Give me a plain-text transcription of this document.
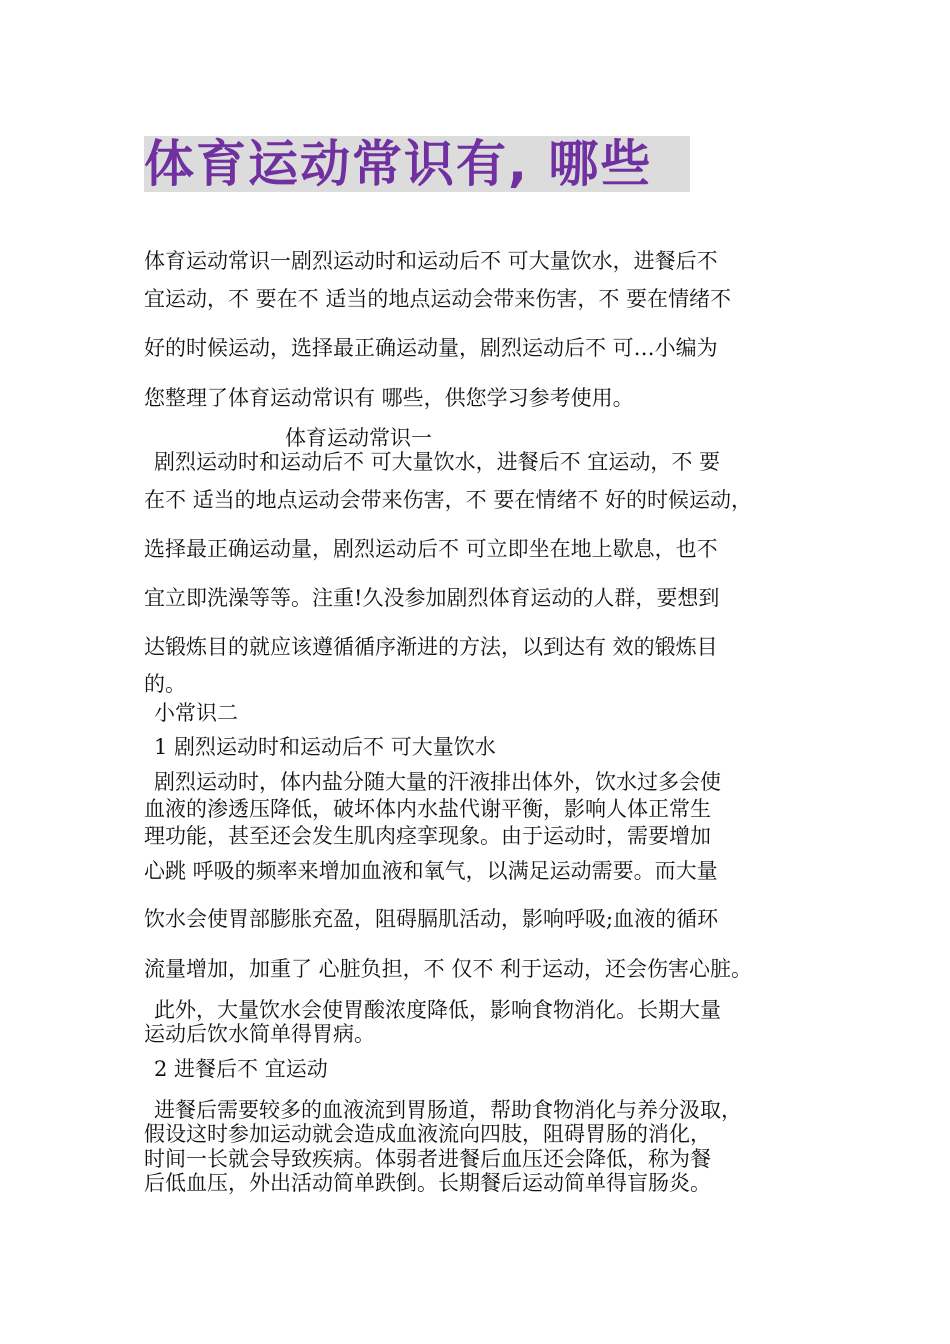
体育运动常识有, 哪些
体育运动常识一剧烈运动时和运动后不 可大量饮水，进餐后不
宜运动，不 要在不 适当的地点运动会带来伤害，不 要在情绪不
好的时候运动，选择最正确运动量，剧烈运动后不 可…小编为
您整理了体育运动常识有 哪些，供您学习参考使用。
体育运动常识一
剧烈运动时和运动后不 可大量饮水，进餐后不 宜运动，不 要
在不 适当的地点运动会带来伤害，不 要在情绪不 好的时候运动，
选择最正确运动量，剧烈运动后不 可立即坐在地上歇息，也不
宜立即洗澡等等。注重!久没参加剧烈体育运动的人群，要想到
达锻炼目的就应该遵循循序渐进的方法，以到达有 效的锻炼目
的。
小常识二
1 剧烈运动时和运动后不 可大量饮水
剧烈运动时，体内盐分随大量的汗液排出体外，饮水过多会使
血液的渗透压降低，破坏体内水盐代谢平衡，影响人体正常生
理功能，甚至还会发生肌肉痉挛现象。由于运动时，需要增加
心跳 呼吸的频率来增加血液和氧气，以满足运动需要。而大量
饮水会使胃部膨胀充盈，阻碍膈肌活动，影响呼吸;血液的循环
流量增加，加重了 心脏负担，不 仅不 利于运动，还会伤害心脏。
此外，大量饮水会使胃酸浓度降低，影响食物消化。长期大量
运动后饮水简单得胃病。
2 进餐后不 宜运动
进餐后需要较多的血液流到胃肠道，帮助食物消化与养分汲取，
假设这时参加运动就会造成血液流向四肢，阻碍胃肠的消化，
时间一长就会导致疾病。体弱者进餐后血压还会降低，称为餐
后低血压，外出活动简单跌倒。长期餐后运动简单得盲肠炎。
